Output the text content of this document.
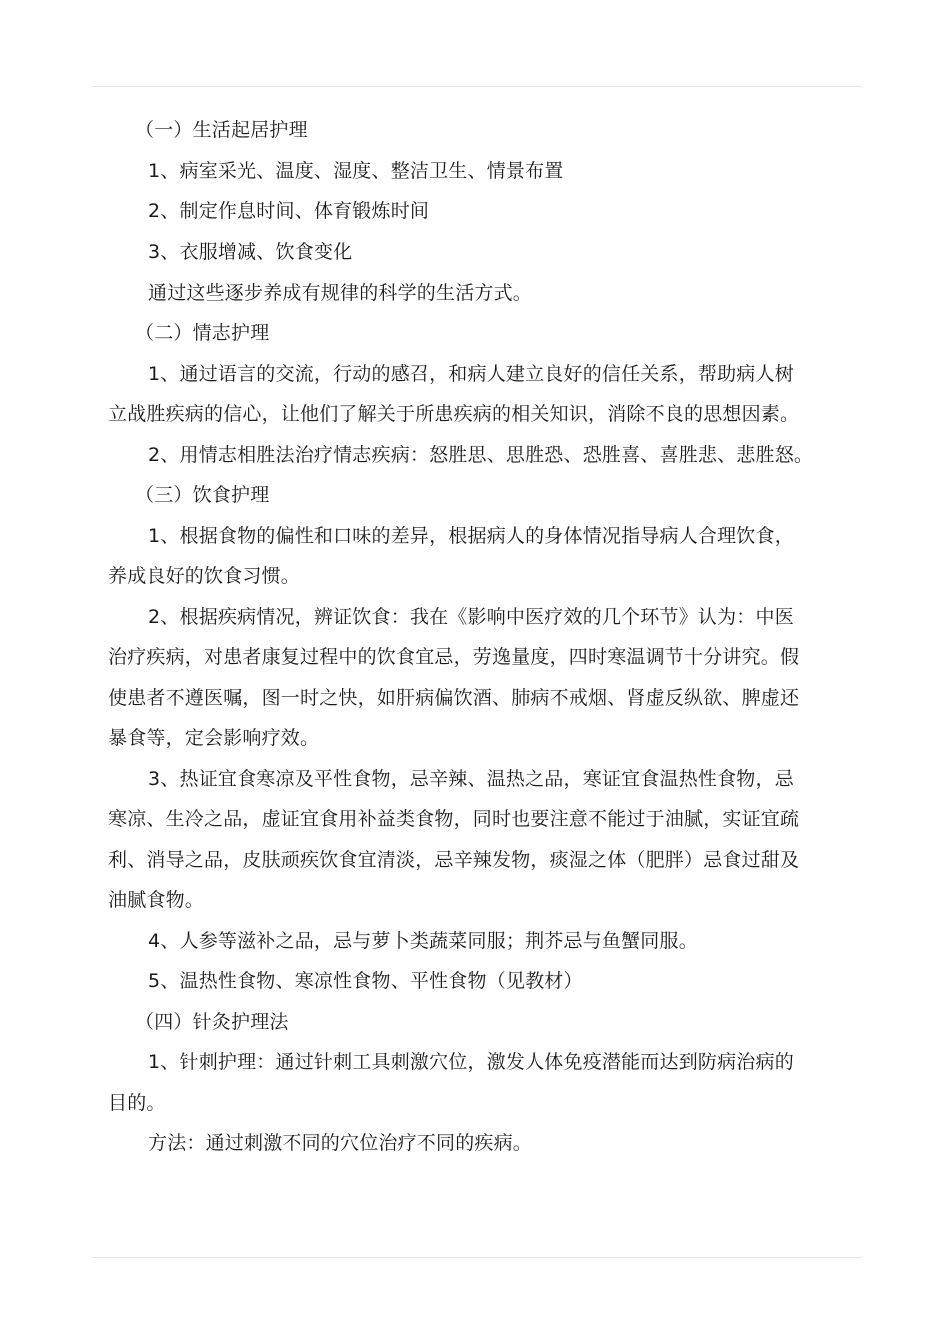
（一）生活起居护理
1、病室采光、温度、湿度、整洁卫生、情景布置
2、制定作息时间、体育锻炼时间
3、衣服增减、饮食变化
通过这些逐步养成有规律的科学的生活方式。
（二）情志护理
1、通过语言的交流，行动的感召，和病人建立良好的信任关系，帮助病人树
立战胜疾病的信心，让他们了解关于所患疾病的相关知识，消除不良的思想因素。
2、用情志相胜法治疗情志疾病：怒胜思、思胜恐、恐胜喜、喜胜悲、悲胜怒。
（三）饮食护理
1、根据食物的偏性和口味的差异，根据病人的身体情况指导病人合理饮食，
养成良好的饮食习惯。
2、根据疾病情况，辨证饮食：我在《影响中医疗效的几个环节》认为：中医
治疗疾病，对患者康复过程中的饮食宜忌，劳逸量度，四时寒温调节十分讲究。假
使患者不遵医嘱，图一时之快，如肝病偏饮酒、肺病不戒烟、肾虚反纵欲、脾虚还
暴食等，定会影响疗效。
3、热证宜食寒凉及平性食物，忌辛辣、温热之品，寒证宜食温热性食物，忌
寒凉、生冷之品，虚证宜食用补益类食物，同时也要注意不能过于油腻，实证宜疏
利、消导之品，皮肤顽疾饮食宜清淡，忌辛辣发物，痰湿之体（肥胖）忌食过甜及
油腻食物。
4、人参等滋补之品，忌与萝卜类蔬菜同服；荆芥忌与鱼蟹同服。
5、温热性食物、寒凉性食物、平性食物（见教材）
（四）针灸护理法
1、针刺护理：通过针刺工具刺激穴位，激发人体免疫潜能而达到防病治病的
目的。
方法：通过刺激不同的穴位治疗不同的疾病。
